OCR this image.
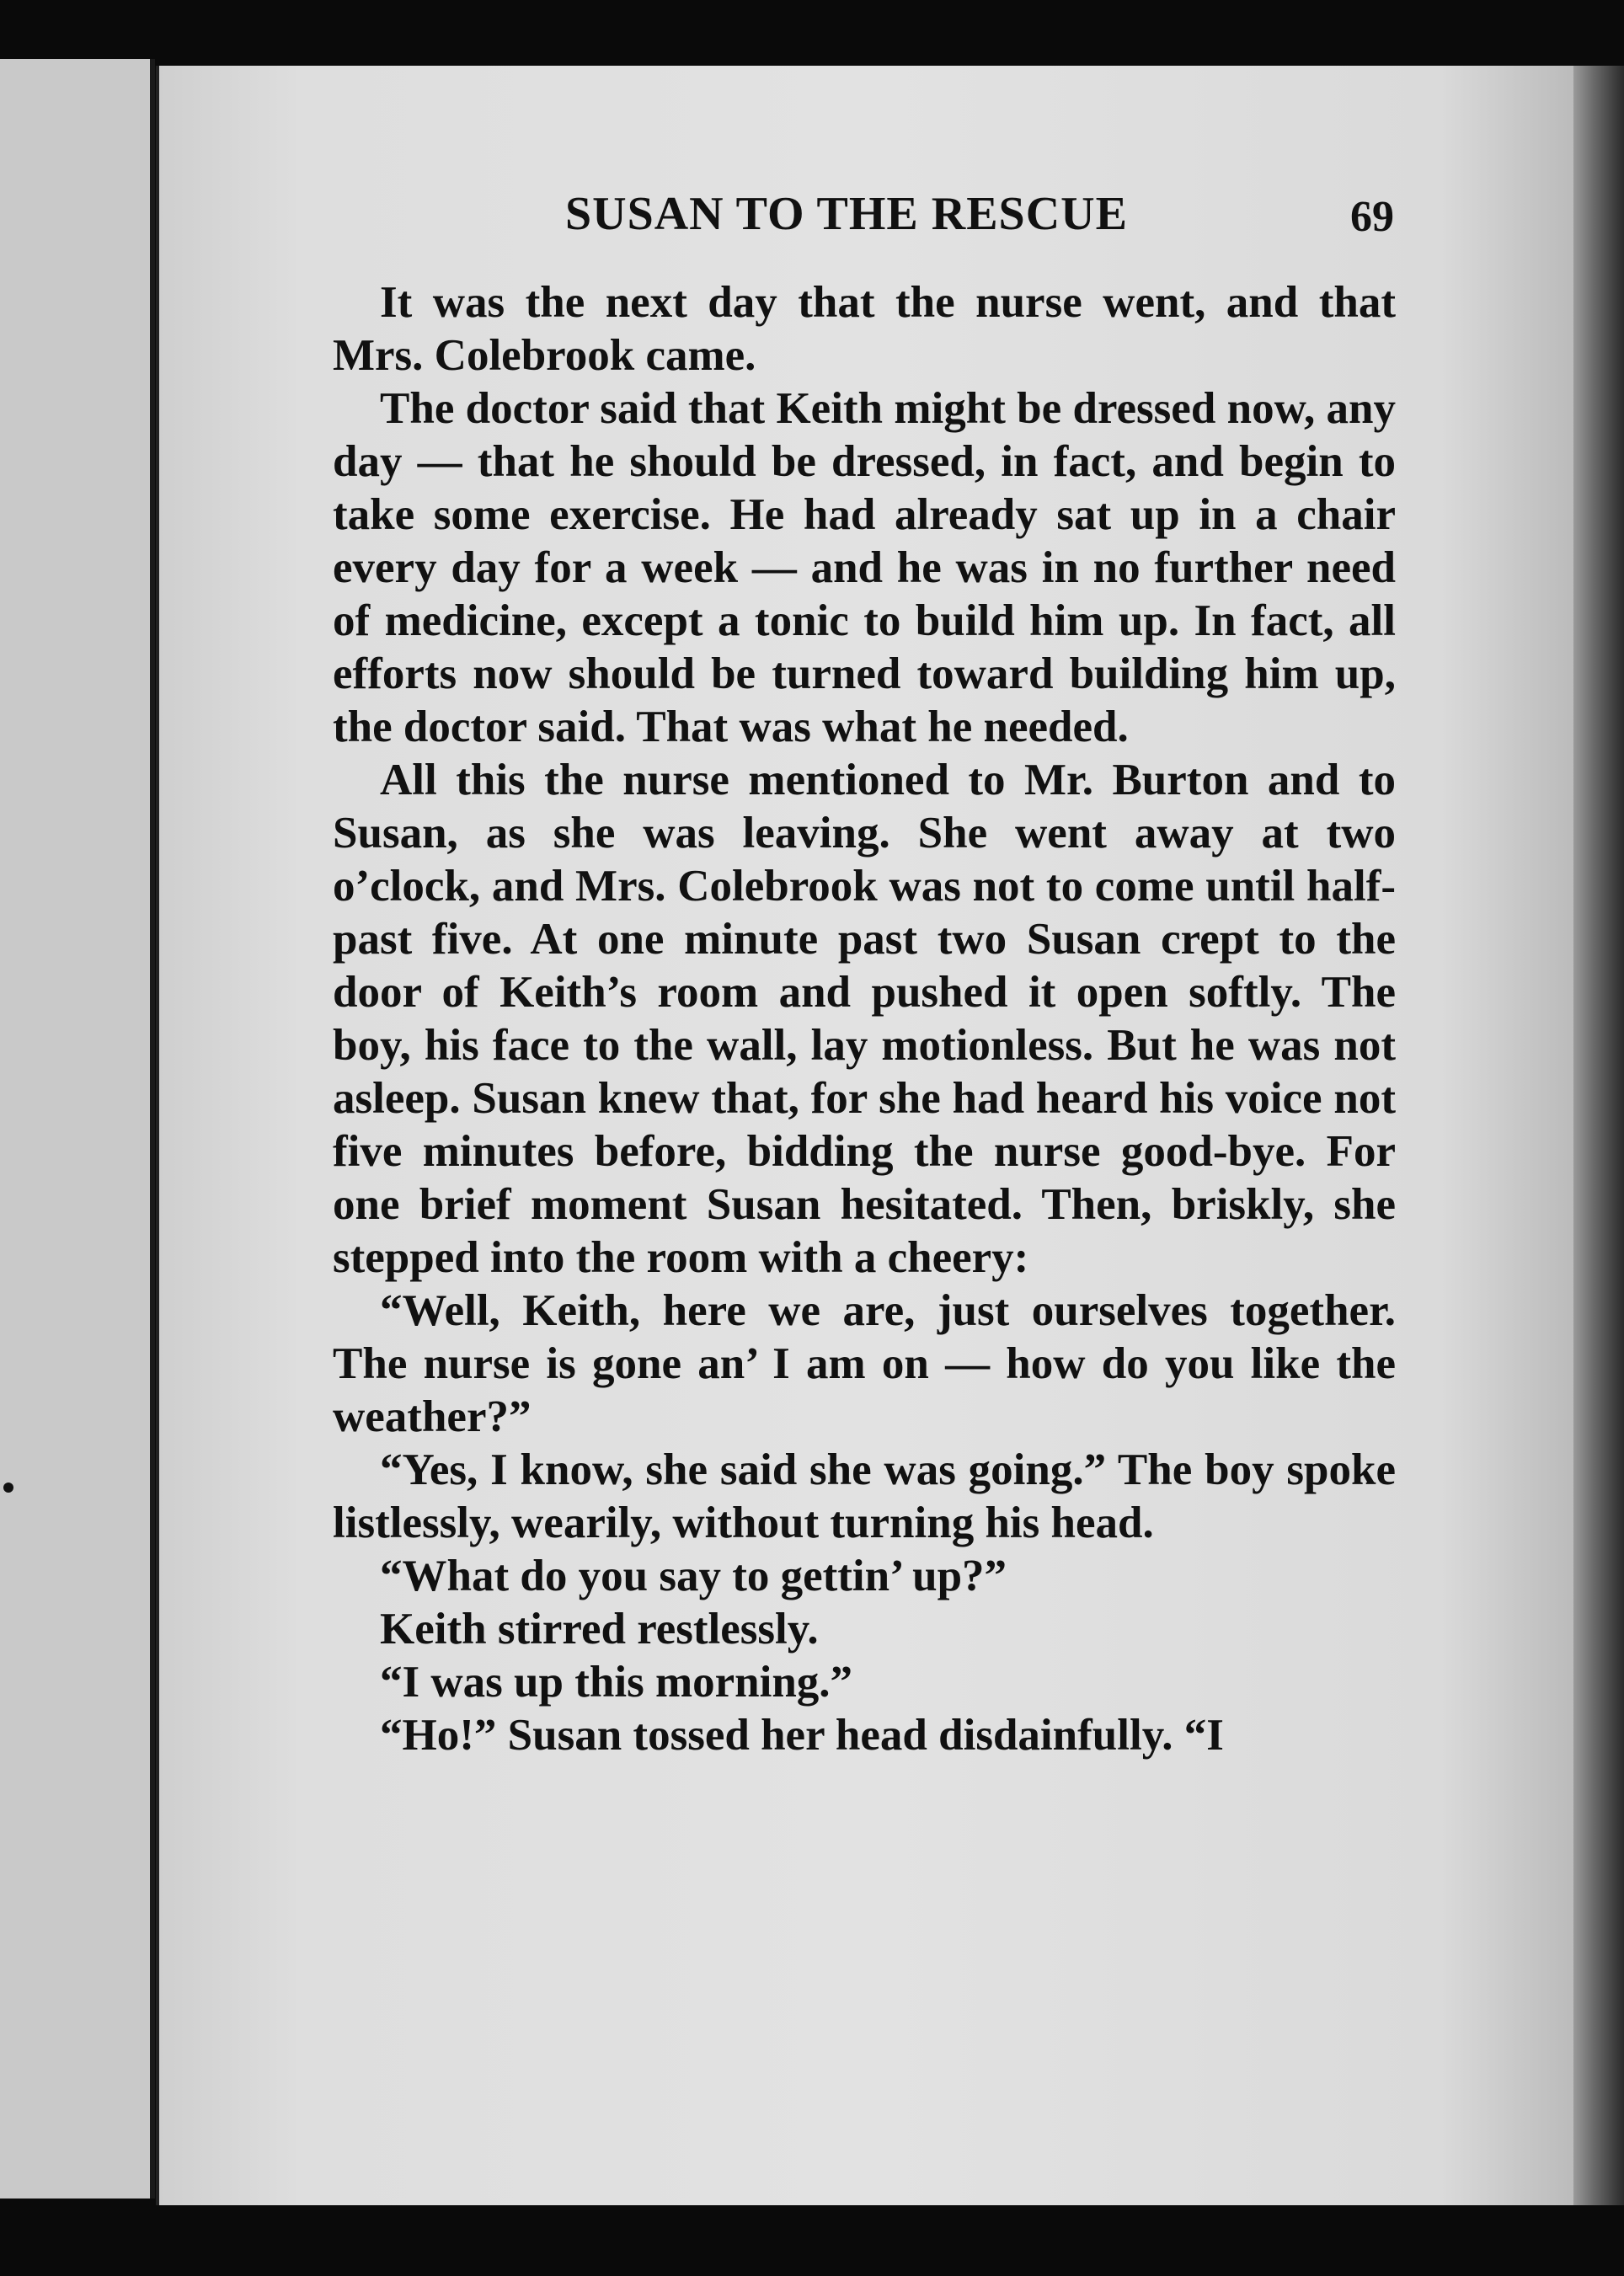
SUSAN TO THE RESCUE	69

It was the next day that the nurse went, and that Mrs. Colebrook came.

The doctor said that Keith might be dressed now, any day — that he should be dressed, in fact, and begin to take some exercise. He had already sat up in a chair every day for a week — and he was in no further need of medicine, except a tonic to build him up. In fact, all efforts now should be turned toward building him up, the doctor said. That was what he needed.

All this the nurse mentioned to Mr. Burton and to Susan, as she was leaving. She went away at two o’clock, and Mrs. Colebrook was not to come until half-past five. At one minute past two Susan crept to the door of Keith’s room and pushed it open softly. The boy, his face to the wall, lay motionless. But he was not asleep. Susan knew that, for she had heard his voice not five minutes before, bidding the nurse good-bye. For one brief moment Susan hesitated. Then, briskly, she stepped into the room with a cheery:

“Well, Keith, here we are, just ourselves together. The nurse is gone an’ I am on — how do you like the weather?”

“Yes, I know, she said she was going.” The boy spoke listlessly, wearily, without turning his head.

“What do you say to gettin’ up?”

Keith stirred restlessly.

“I was up this morning.”

“Ho!” Susan tossed her head disdainfully. “I
